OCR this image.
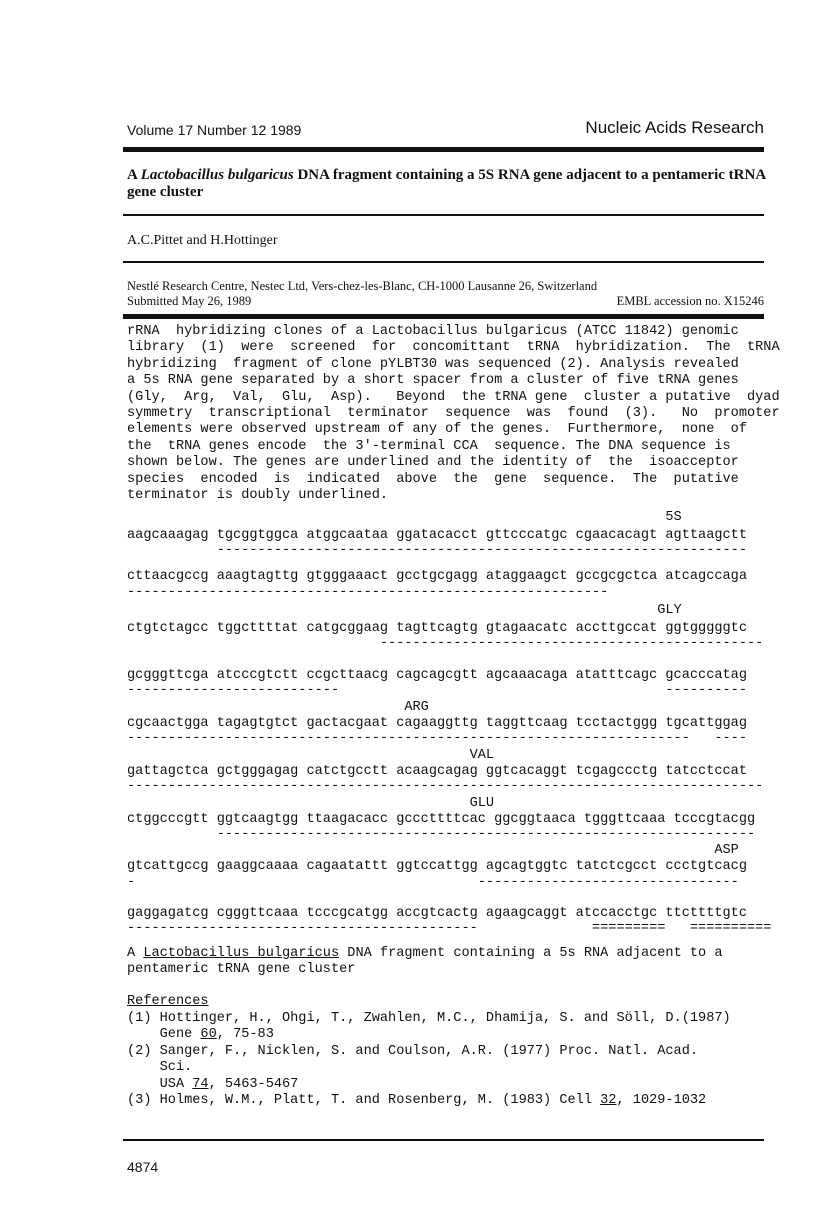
Volume 17 Number 12 1989	Nucleic Acids Research
A Lactobacillus bulgaricus DNA fragment containing a 5S RNA gene adjacent to a pentameric tRNA gene cluster
A.C.Pittet and H.Hottinger
Nestlé Research Centre, Nestec Ltd, Vers-chez-les-Blanc, CH-1000 Lausanne 26, Switzerland
Submitted May 26, 1989	EMBL accession no. X15246
rRNA  hybridizing clones of a Lactobacillus bulgaricus (ATCC 11842) genomic
library  (1)  were  screened  for  concomittant  tRNA  hybridization.  The  tRNA
hybridizing  fragment of clone pYLBT30 was sequenced (2). Analysis revealed
a 5s RNA gene separated by a short spacer from a cluster of five tRNA genes
(Gly,  Arg,  Val,  Glu,  Asp).   Beyond  the tRNA gene  cluster a putative  dyad
symmetry  transcriptional  terminator  sequence  was  found  (3).   No  promoter
elements were observed upstream of any of the genes.  Furthermore,  none  of
the  tRNA genes encode  the 3'-terminal CCA  sequence. The DNA sequence is
shown below. The genes are underlined and the identity of  the  isoacceptor
species  encoded  is  indicated  above  the  gene  sequence.  The  putative
terminator is doubly underlined.
5S
aagcaaagag tgcggtggca atggcaataa ggatacacct gttcccatgc cgaacacagt agttaagctt
-----------------------------------------------------------------
cttaacgccg aaagtagttg gtgggaaact gcctgcgagg ataggaagct gccgcgctca atcagccaga
-----------------------------------------------------------
GLY
ctgtctagcc tggcttttat catgcggaag tagttcagtg gtagaacatc accttgccat ggtgggggtc
-----------------------------------------------
gcgggttcga atcccgtctt ccgcttaacg cagcagcgtt agcaaacaga atatttcagc gcacccatag
--------------------------                                        ----------
ARG
cgcaactgga tagagtgtct gactacgaat cagaaggttg taggttcaag tcctactggg tgcattggag
---------------------------------------------------------------------   ----
VAL
gattagctca gctgggagag catctgcctt acaagcagag ggtcacaggt tcgagccctg tatcctccat
------------------------------------------------------------------------------
GLU
ctggcccgtt ggtcaagtgg ttaagacacc gcccttttcac ggcggtaaca tgggttcaaa tcccgtacgg
------------------------------------------------------------------
ASP
gtcattgccg gaaggcaaaa cagaatattt ggtccattgg agcagtggtc tatctcgcct ccctgtcacg
-                                          --------------------------------
gaggagatcg cgggttcaaa tcccgcatgg accgtcactg agaagcaggt atccacctgc ttcttttgtc
-------------------------------------------              =========   ==========
A Lactobacillus bulgaricus DNA fragment containing a 5s RNA adjacent to a
pentameric tRNA gene cluster
References
(1) Hottinger, H., Ohgi, T., Zwahlen, M.C., Dhamija, S. and Söll, D.(1987)
Gene 60, 75-83
(2) Sanger, F., Nicklen, S. and Coulson, A.R. (1977) Proc. Natl. Acad.
Sci.
USA 74, 5463-5467
(3) Holmes, W.M., Platt, T. and Rosenberg, M. (1983) Cell 32, 1029-1032
4874
